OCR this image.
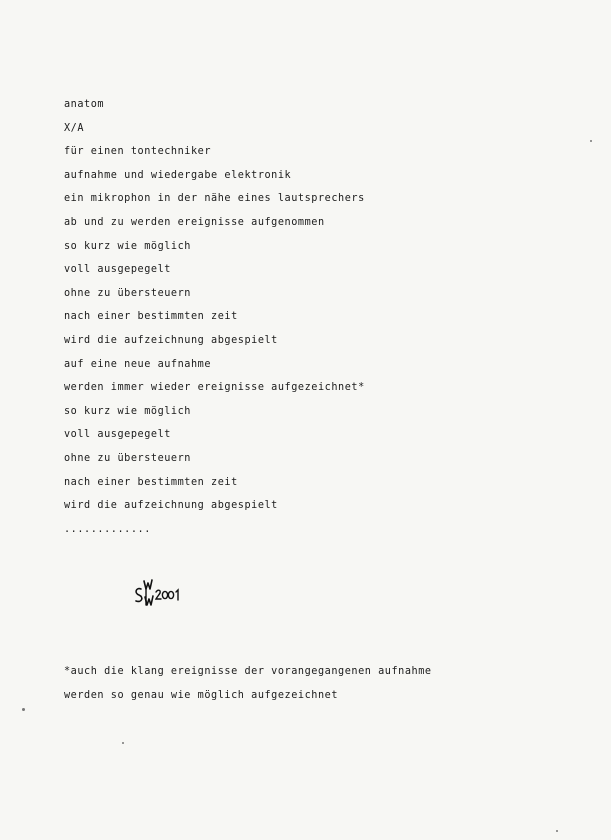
anatom
X/A
für einen tontechniker
aufnahme und wiedergabe elektronik
ein mikrophon in der nähe eines lautsprechers
ab und zu werden ereignisse aufgenommen
so kurz wie möglich
voll ausgepegelt
ohne zu übersteuern
nach einer bestimmten zeit
wird die aufzeichnung abgespielt
auf eine neue aufnahme
werden immer wieder ereignisse aufgezeichnet*
so kurz wie möglich
voll ausgepegelt
ohne zu übersteuern
nach einer bestimmten zeit
wird die aufzeichnung abgespielt
.............
*auch die klang ereignisse der vorangegangenen aufnahme
werden so genau wie möglich aufgezeichnet
